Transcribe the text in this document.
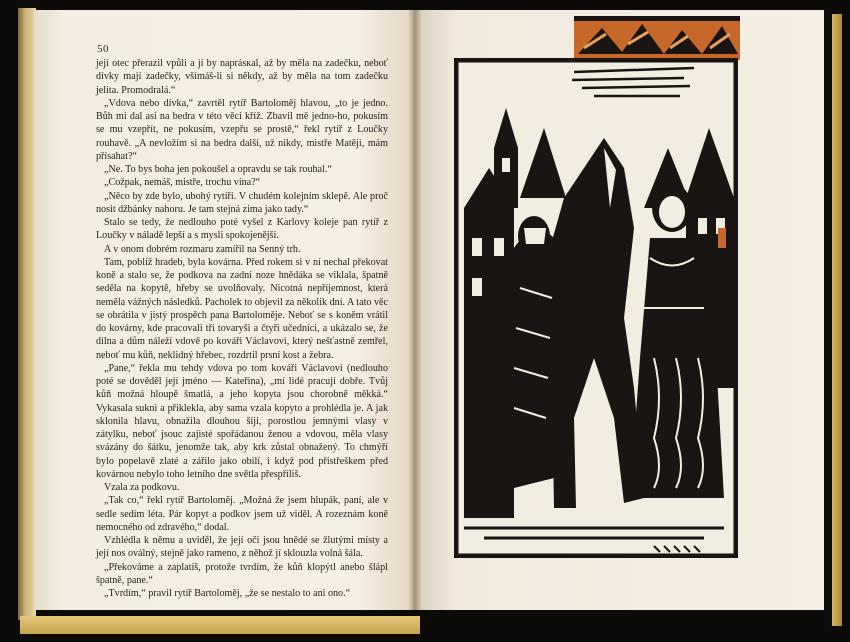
50

její otec přerazil vpůli a jí by naprásкal, až by měla na zadečku, neboť dívky mají zadečky, všímáš-li si někdy, až by měla na tom zadečku jelita. Promodralá.“

„Vdova nebo dívka,“ zavrtěl rytíř Bartoloměj hlavou, „to je jedno. Bůh mi dal asi na bedra v této věci kříž. Zbavil mě jedno-ho, pokusím se mu vzepřít, ne pokusím, vzepřu se prostě,“ řekl rytíř z Loučky rouhavě. „A nevložím si na bedra další, už nikdy, mistře Matěji, mám přísahat?“

„Ne. To bys boha jen pokoušel a opravdu se tak rouhal.“

„Cožpak, nemáš, mistře, trochu vína?“

„Něco by zde bylo, ubohý rytíři. V chudém kolejním sklepě. Ale proč nosit džbánky nahoru. Je tam stejná zima jako tady.“

Stalo se tedy, že nedlouho poté vyšel z Karlovy koleje pan rytíř z Loučky v náladě lepší a s myslí spokojenější.

A v onom dobrém rozmaru zamířil na Senný trh.

Tam, poblíž hradeb, byla kovárna. Před rokem si v ní nechal překovat koně a stalo se, že podkova na zadní noze hnědáka se viklala, špatně seděla na kopytě, hřeby se uvolňovaly. Nicotná nepříjemnost, která neměla vážných následků. Pacholek to objevil za několik dní. A tato věc se obrátila v jistý prospěch pana Bartoloměje. Neboť se s koněm vrátil do kovárny, kde pracovali tři tovaryši a čtyři učedníci, a ukázalo se, že dílna a dům náleží vdově po kováři Václavovi, který nešťastně zemřel, neboť mu kůň, neklidný hřebec, rozdrtil prsní kost a žebra.

„Pane,“ řekla mu tehdy vdova po tom kováři Václavovi (nedlouho poté se dověděl její jméno — Kateřina), „mí lidé pracují dobře. Tvůj kůň možná hloupě šmatlá, a jeho kopyta jsou chorobně měkká.“ Vykasala sukni a přiklekla, aby sama vzala kopyto a prohlédla je. A jak sklonila hlavu, obnažila dlouhou šíji, porostlou jemnými vlasy v zátylku, neboť jsouc zajisté spořádanou ženou a vdovou, měla vlasy svázány do šátku, jenomže tak, aby krk zůstal obnažený. To chmýří bylo popelavě zlaté a zářilo jako obilí, i když pod přístřeškem před kovárnou nebylo toho letního dne světla přespříliš.

Vzala za podkovu.

„Tak co,“ řekl rytíř Bartoloměj. „Možná že jsem hlupák, paní, ale v sedle sedím léta. Pár kopyt a podkov jsem už viděl. A rozeznám koně nemocného od zdravého,“ dodal.

Vzhlédla k němu a uviděl, že její oči jsou hnědé se žlutými místy a její nos oválný, stejně jako rameno, z něhož jí sklouzla volná šála.

„Překováme a zaplatíš, protože tvrdím, že kůň klopýtl anebo šlápl špatně, pane.“

„Tvrdím,“ pravil rytíř Bartoloměj, „že se nestalo to ani ono.“
